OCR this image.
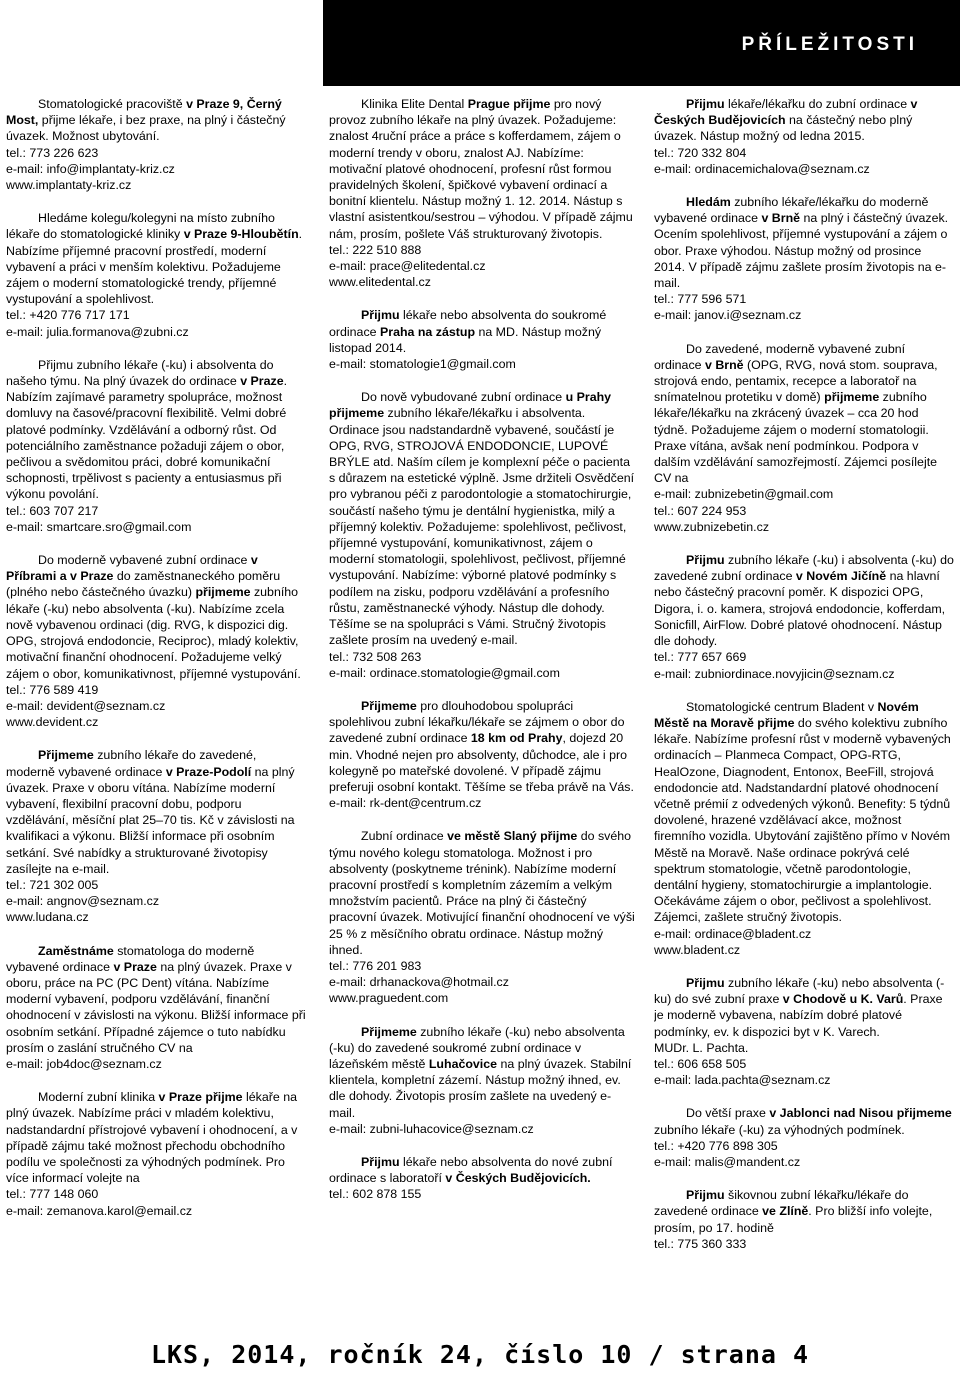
PŘÍLEŽITOSTI

Stomatologické pracoviště v Praze 9, Černý Most, přijme lékaře, i bez praxe, na plný i částečný úvazek. Možnost ubytování.

tel.: 773 226 623

e-mail: info@implantaty-kriz.cz

www.implantaty-kriz.cz

Hledáme kolegu/kolegyni na místo zubního lékaře do stomatologické kliniky v Praze 9-Hloubětín. Nabízíme příjemné pracovní prostředí, moderní vybavení a práci v menším kolektivu. Požadujeme zájem o moderní stomatologické trendy, příjemné vystupování a spolehlivost.

tel.: +420 776 717 171

e-mail: julia.formanova@zubni.cz

Přijmu zubního lékaře (-ku) i absolventa do našeho týmu. Na plný úvazek do ordinace v Praze. Nabízím zajímavé parametry spolupráce, možnost domluvy na časové/pracovní flexibilitě. Velmi dobré platové podmínky. Vzdělávání a odborný růst. Od potenciálního zaměstnance požaduji zájem o obor, pečlivou a svědomitou práci, dobré komunikační schopnosti, trpělivost s pacienty a entusiasmus při výkonu povolání.

tel.: 603 707 217

e-mail: smartcare.sro@gmail.com

Do moderně vybavené zubní ordinace v Příbrami a v Praze do zaměstnaneckého poměru (plného nebo částečného úvazku) přijmeme zubního lékaře (-ku) nebo absolventa (-ku). Nabízíme zcela nově vybavenou ordinaci (dig. RVG, k dispozici dig. OPG, strojová endodoncie, Reciproc), mladý kolektiv, motivační finanční ohodnocení. Požadujeme velký zájem o obor, komunikativnost, příjemné vystupování.

tel.: 776 589 419

e-mail: devident@seznam.cz

www.devident.cz

Přijmeme zubního lékaře do zavedené, moderně vybavené ordinace v Praze-Podolí na plný úvazek. Praxe v oboru vítána. Nabízíme moderní vybavení, flexibilní pracovní dobu, podporu vzdělávání, měsíční plat 25–70 tis. Kč v závislosti na kvalifikaci a výkonu. Bližší informace při osobním setkání. Své nabídky a strukturované životopisy zasílejte na e-mail.

tel.: 721 302 005

e-mail: angnov@seznam.cz

www.ludana.cz

Zaměstnáme stomatologa do moderně vybavené ordinace v Praze na plný úvazek. Praxe v oboru, práce na PC (PC Dent) vítána. Nabízíme moderní vybavení, podporu vzdělávání, finanční ohodnocení v závislosti na výkonu. Bližší informace při osobním setkání. Případné zájemce o tuto nabídku prosím o zaslání stručného CV na

e-mail: job4doc@seznam.cz

Moderní zubní klinika v Praze přijme lékaře na plný úvazek. Nabízíme práci v mladém kolektivu, nadstandardní přístrojové vybavení i ohodnocení, a v případě zájmu také možnost přechodu obchodního podílu ve společnosti za výhodných podmínek. Pro více informací volejte na

tel.: 777 148 060

e-mail: zemanova.karol@email.cz

Klinika Elite Dental Prague přijme pro nový provoz zubního lékaře na plný úvazek. Požadujeme: znalost 4ruční práce a práce s kofferdamem, zájem o moderní trendy v oboru, znalost AJ. Nabízíme: motivační platové ohodnocení, profesní růst formou pravidelných školení, špičkové vybavení ordinací a bonitní klientelu. Nástup možný 1. 12. 2014. Nástup s vlastní asistentkou/sestrou – výhodou. V případě zájmu nám, prosím, pošlete Váš strukturovaný životopis.

tel.: 222 510 888

e-mail: prace@elitedental.cz

www.elitedental.cz

Přijmu lékaře nebo absolventa do soukromé ordinace Praha na zástup na MD. Nástup možný listopad 2014.

e-mail: stomatologie1@gmail.com

Do nově vybudované zubní ordinace u Prahy přijmeme zubního lékaře/lékařku i absolventa. Ordinace jsou nadstandardně vybavené, součástí je OPG, RVG, STROJOVÁ ENDODONCIE, LUPOVÉ BRÝLE atd. Naším cílem je komplexní péče o pacienta s důrazem na estetické výplně. Jsme držiteli Osvědčení pro vybranou péči z parodontologie a stomatochirurgie, součástí našeho týmu je dentální hygienistka, milý a příjemný kolektiv. Požadujeme: spolehlivost, pečlivost, příjemné vystupování, komunikativnost, zájem o moderní stomatologii, spolehlivost, pečlivost, příjemné vystupování. Nabízíme: výborné platové podmínky s podílem na zisku, podporu vzdělávání a profesního růstu, zaměstnanecké výhody. Nástup dle dohody. Těšíme se na spolupráci s Vámi. Stručný životopis zašlete prosím na uvedený e-mail.

tel.: 732 508 263

e-mail: ordinace.stomatologie@gmail.com

Přijmeme pro dlouhodobou spolupráci spolehlivou zubní lékařku/lékaře se zájmem o obor do zavedené zubní ordinace 18 km od Prahy, dojezd 20 min. Vhodné nejen pro absolventy, důchodce, ale i pro kolegyně po mateřské dovolené. V případě zájmu preferuji osobní kontakt. Těšíme se třeba právě na Vás.

e-mail: rk-dent@centrum.cz

Zubní ordinace ve městě Slaný přijme do svého týmu nového kolegu stomatologa. Možnost i pro absolventy (poskytneme trénink). Nabízíme moderní pracovní prostředí s kompletním zázemím a velkým množstvím pacientů. Práce na plný či částečný pracovní úvazek. Motivující finanční ohodnocení ve výši 25 % z měsíčního obratu ordinace. Nástup možný ihned.

tel.: 776 201 983

e-mail: drhanackova@hotmail.cz

www.praguedent.com

Přijmeme zubního lékaře (-ku) nebo absolventa (-ku) do zavedené soukromé zubní ordinace v lázeňském městě Luhačovice na plný úvazek. Stabilní klientela, kompletní zázemí. Nástup možný ihned, ev. dle dohody. Životopis prosím zašlete na uvedený e-mail.

e-mail: zubni-luhacovice@seznam.cz

Přijmu lékaře nebo absolventa do nové zubní ordinace s laboratoří v Českých Budějovicích.

tel.: 602 878 155

Přijmu lékaře/lékařku do zubní ordinace v Českých Budějovicích na částečný nebo plný úvazek. Nástup možný od ledna 2015.

tel.: 720 332 804

e-mail: ordinacemichalova@seznam.cz

Hledám zubního lékaře/lékařku do moderně vybavené ordinace v Brně na plný i částečný úvazek. Ocením spolehlivost, příjemné vystupování a zájem o obor. Praxe výhodou. Nástup možný od prosince 2014. V případě zájmu zašlete prosím životopis na e-mail.

tel.: 777 596 571

e-mail: janov.i@seznam.cz

Do zavedené, moderně vybavené zubní ordinace v Brně (OPG, RVG, nová stom. souprava, strojová endo, pentamix, recepce a laboratoř na snímatelnou protetiku v domě) přijmeme zubního lékaře/lékařku na zkrácený úvazek – cca 20 hod týdně. Požadujeme zájem o moderní stomatologii. Praxe vítána, avšak není podmínkou. Podpora v dalším vzdělávání samozřejmostí. Zájemci posílejte CV na

e-mail: zubnizebetin@gmail.com

tel.: 607 224 953

www.zubnizebetin.cz

Přijmu zubního lékaře (-ku) i absolventa (-ku) do zavedené zubní ordinace v Novém Jičíně na hlavní nebo částečný pracovní poměr. K dispozici OPG, Digora, i. o. kamera, strojová endodoncie, kofferdam, Sonicfill, AirFlow. Dobré platové ohodnocení. Nástup dle dohody.

tel.: 777 657 669

e-mail: zubniordinace.novyjicin@seznam.cz

Stomatologické centrum Bladent v Novém Městě na Moravě přijme do svého kolektivu zubního lékaře. Nabízíme profesní růst v moderně vybavených ordinacích – Planmeca Compact, OPG-RTG, HealOzone, Diagnodent, Entonox, BeeFill, strojová endodoncie atd. Nadstandardní platové ohodnocení včetně prémií z odvedených výkonů. Benefity: 5 týdnů dovolené, hrazené vzdělávací akce, možnost firemního vozidla. Ubytování zajištěno přímo v Novém Městě na Moravě. Naše ordinace pokrývá celé spektrum stomatologie, včetně parodontologie, dentální hygieny, stomatochirurgie a implantologie. Očekáváme zájem o obor, pečlivost a spolehlivost. Zájemci, zašlete stručný životopis.

e-mail: ordinace@bladent.cz

www.bladent.cz

Přijmu zubního lékaře (-ku) nebo absolventa (-ku) do své zubní praxe v Chodově u K. Varů. Praxe je moderně vybavena, nabízím dobré platové podmínky, ev. k dispozici byt v K. Varech.

MUDr. L. Pachta.

tel.: 606 658 505

e-mail: lada.pachta@seznam.cz

Do větší praxe v Jablonci nad Nisou přijmeme zubního lékaře (-ku) za výhodných podmínek.

tel.: +420 776 898 305

e-mail: malis@mandent.cz

Přijmu šikovnou zubní lékařku/lékaře do zavedené ordinace ve Zlíně. Pro bližší info volejte, prosím, po 17. hodině

tel.: 775 360 333

LKS, 2014, ročník 24, číslo 10 / strana 4
